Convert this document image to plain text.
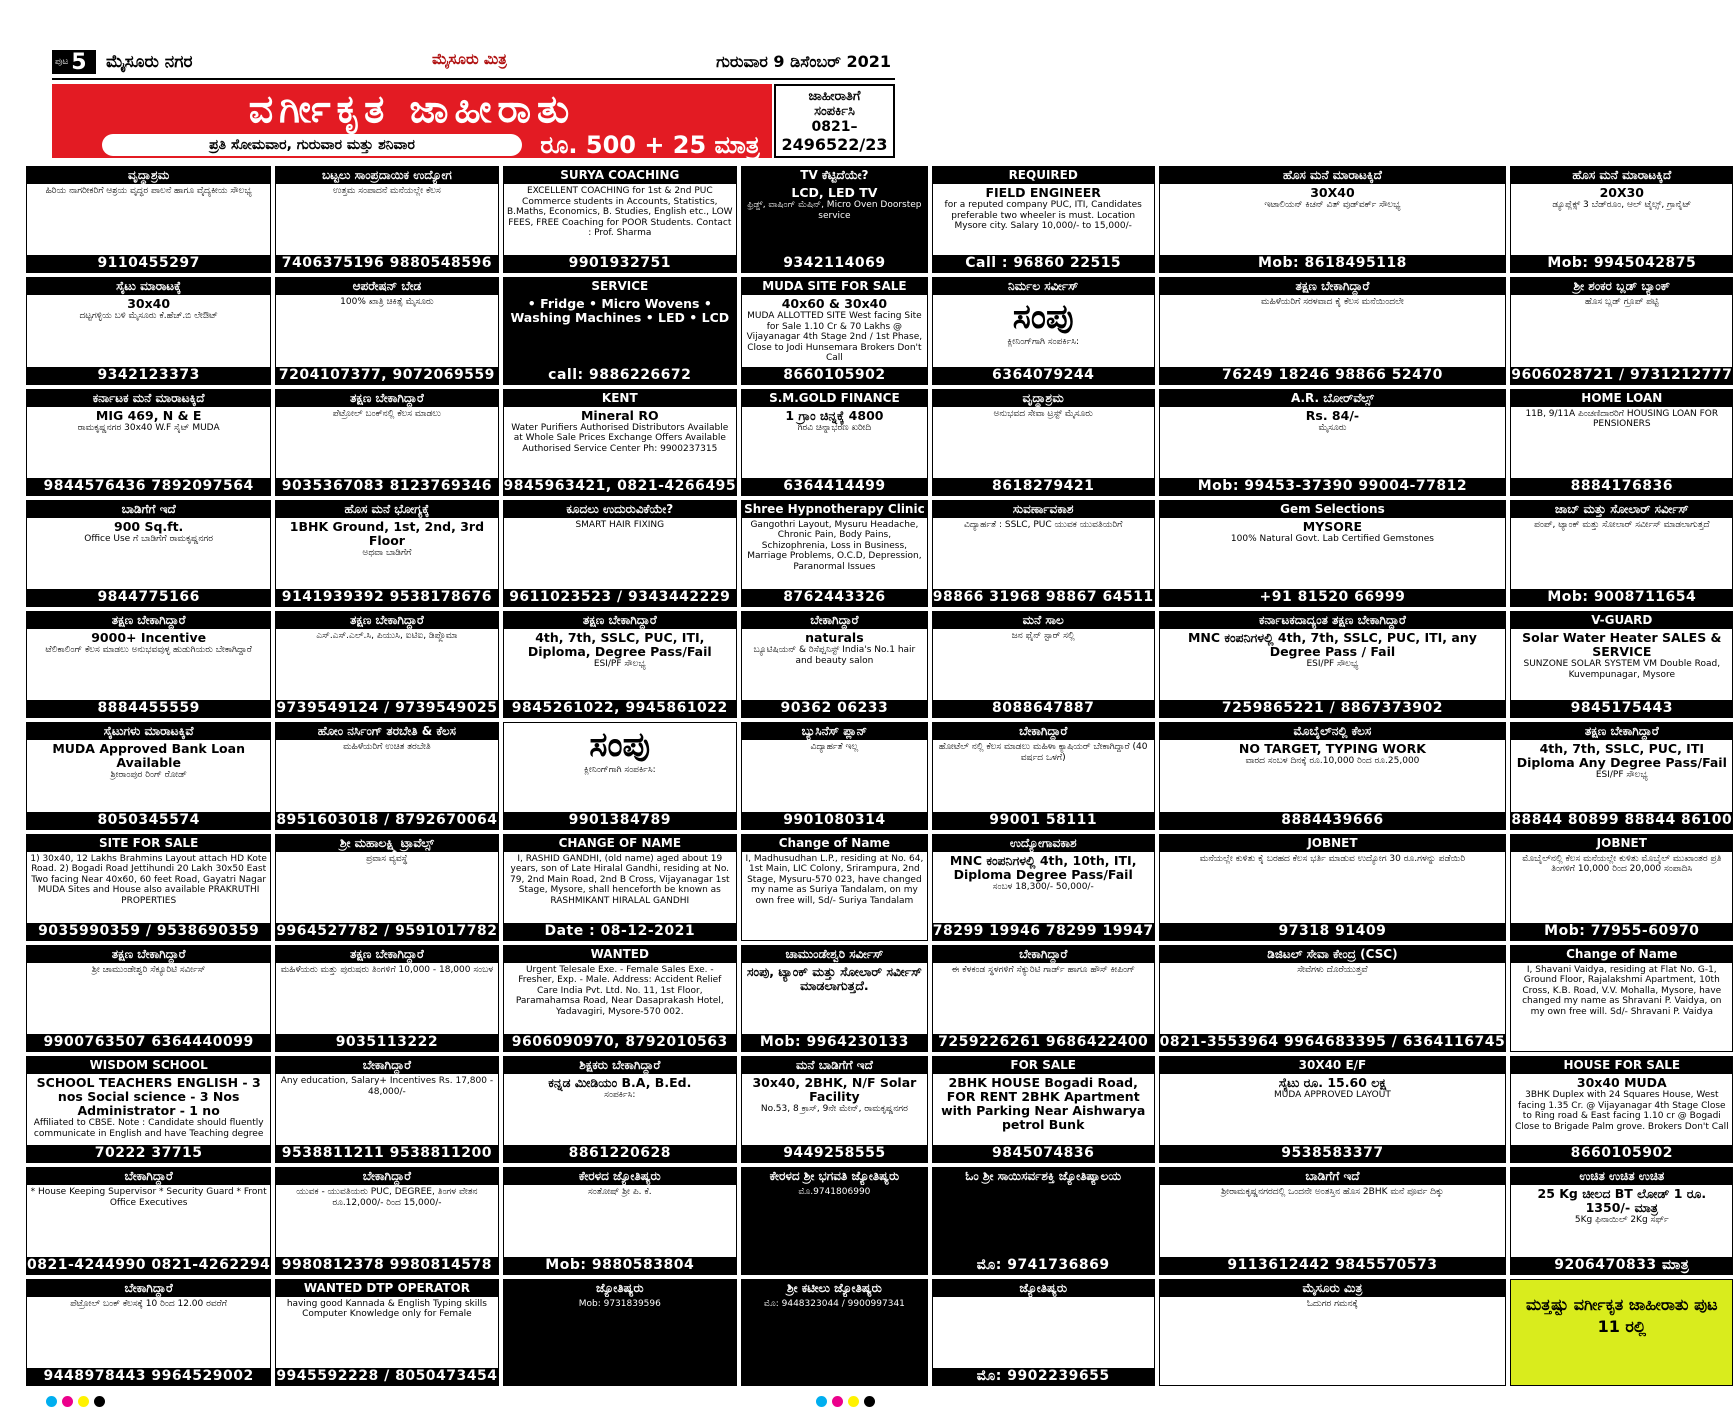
ಪುಟ 5 ಮೈಸೂರು ನಗರ	ಮೈಸೂರು ಮಿತ್ರ	ಗುರುವಾರ 9 ಡಿಸೆಂಬರ್ 2021
ವರ್ಗೀಕೃತ ಜಾಹೀರಾತು
ಪ್ರತಿ ಸೋಮವಾರ, ಗುರುವಾರ ಮತ್ತು ಶನಿವಾರ	ರೂ. 500 + 25 ಮಾತ್ರ
ಜಾಹೀರಾತಿಗೆ
ಸಂಪರ್ಕಿಸಿ
0821–
2496522/23
ವೃದ್ಧಾಶ್ರಮ
ಹಿರಿಯ ನಾಗರೀಕರಿಗೆ ಆಶ್ರಯ ವೃದ್ಧರ ಪಾಲನೆ ಹಾಗೂ ವೈದ್ಯಕೀಯ ಸೌಲಭ್ಯ
9110455297
ಬಟ್ಟಲು ಸಾಂಪ್ರದಾಯಿಕ ಉದ್ಯೋಗ
ಉತ್ತಮ ಸಂಪಾದನೆ ಮನೆಯಲ್ಲೇ ಕೆಲಸ
7406375196 9880548596
SURYA COACHING
EXCELLENT COACHING for 1st & 2nd PUC Commerce students in Accounts, Statistics, B.Maths, Economics, B. Studies, English etc., LOW FEES, FREE Coaching for POOR Students. Contact : Prof. Sharma
9901932751
TV ಕೆಟ್ಟಿದೆಯೇ?
LCD, LED TV
ಫ್ರಿಡ್ಜ್, ವಾಷಿಂಗ್ ಮೆಷಿನ್, Micro Oven Doorstep service
9342114069
REQUIRED
FIELD ENGINEER
for a reputed company PUC, ITI, Candidates preferable two wheeler is must. Location Mysore city. Salary 10,000/- to 15,000/-
Call : 96860 22515
ಹೊಸ ಮನೆ ಮಾರಾಟಕ್ಕಿದೆ
30X40
ಇಟಾಲಿಯನ್ ಕಿಚನ್ ವಿತ್ ವುಡ್‌ವರ್ಕ್ ಸೌಲಭ್ಯ
Mob: 8618495118
ಹೊಸ ಮನೆ ಮಾರಾಟಕ್ಕಿದೆ
20X30
ಡ್ಯೂಪ್ಲೆಕ್ಸ್ 3 ಬೆಡ್‌ರೂಂ, ಆಲ್ ಟೈಲ್ಸ್, ಗ್ರಾನೈಟ್
Mob: 9945042875
ಸೈಟು ಮಾರಾಟಕ್ಕೆ
30x40
ದಟ್ಟಗಳ್ಳಿಯ ಬಳಿ ಮೈಸೂರು ಕೆ.ಹೆಚ್.ಬಿ ಲೇಔಟ್
9342123373
ಆಪರೇಷನ್ ಬೇಡ
100% ಖಾತ್ರಿ ಚಿಕಿತ್ಸೆ ಮೈಸೂರು
7204107377, 9072069559
SERVICE
• Fridge • Micro Wovens • Washing Machines • LED • LCD
call: 9886226672
MUDA SITE FOR SALE
40x60 & 30x40
MUDA ALLOTTED SITE West facing Site for Sale 1.10 Cr & 70 Lakhs @ Vijayanagar 4th Stage 2nd / 1st Phase, Close to Jodi Hunsemara Brokers Don't Call
8660105902
ನಿರ್ಮಲ ಸರ್ವೀಸ್
ಸಂಪು
ಕ್ಲೀನಿಂಗ್‌ಗಾಗಿ ಸಂಪರ್ಕಿಸಿ:
6364079244
ತಕ್ಷಣ ಬೇಕಾಗಿದ್ದಾರೆ
ಮಹಿಳೆಯರಿಗೆ ಸರಳವಾದ ಕೈ ಕೆಲಸ ಮನೆಯಿಂದಲೇ
76249 18246 98866 52470
ಶ್ರೀ ಶಂಕರ ಬ್ಲಡ್ ಬ್ಯಾಂಕ್
ಹೊಸ ಬ್ಲಡ್ ಗ್ರೂಪ್ ಪಟ್ಟಿ
9606028721 / 9731212777
ಕರ್ನಾಟಕ ಮನೆ ಮಾರಾಟಕ್ಕಿದೆ
MIG 469, N & E
ರಾಮಕೃಷ್ಣನಗರ 30x40 W.F ಸೈಟ್ MUDA
9844576436 7892097564
ತಕ್ಷಣ ಬೇಕಾಗಿದ್ದಾರೆ
ಪೆಟ್ರೋಲ್ ಬಂಕ್‌ನಲ್ಲಿ ಕೆಲಸ ಮಾಡಲು
9035367083 8123769346
KENT
Mineral RO
Water Purifiers Authorised Distributors Available at Whole Sale Prices Exchange Offers Available Authorised Service Center Ph: 9900237315
9845963421, 0821-4266495
S.M.GOLD FINANCE
1 ಗ್ರಾಂ ಚಿನ್ನಕ್ಕೆ 4800
ಗಿರವಿ ಚಿನ್ನಾಭರಣ ಖರೀದಿ
6364414499
ವೃದ್ಧಾಶ್ರಮ
ಅನುಭವದ ಸೇವಾ ಟ್ರಸ್ಟ್ ಮೈಸೂರು
8618279421
A.R. ಬೋರ್‌ವೆಲ್ಸ್
Rs. 84/-
ಮೈಸೂರು
Mob: 99453-37390 99004-77812
HOME LOAN
11B, 9/11A ಪಿಂಚಣಿದಾರರಿಗೆ HOUSING LOAN FOR PENSIONERS
8884176836
ಬಾಡಿಗೆಗೆ ಇದೆ
900 Sq.ft.
Office Use ಗೆ ಬಾಡಿಗೆಗೆ ರಾಮಕೃಷ್ಣನಗರ
9844775166
ಹೊಸ ಮನೆ ಭೋಗ್ಯಕ್ಕೆ
1BHK Ground, 1st, 2nd, 3rd Floor
ಅಥವಾ ಬಾಡಿಗೆಗೆ
9141939392 9538178676
ಕೂದಲು ಉದುರುವಿಕೆಯೇ?
SMART HAIR FIXING
9611023523 / 9343442229
Shree Hypnotherapy Clinic
Gangothri Layout, Mysuru Headache, Chronic Pain, Body Pains, Schizophrenia, Loss in Business, Marriage Problems, O.C.D, Depression, Paranormal Issues
8762443326
ಸುವರ್ಣಾವಕಾಶ
ವಿದ್ಯಾರ್ಹತೆ : SSLC, PUC ಯುವಕ ಯುವತಿಯರಿಗೆ
98866 31968 98867 64511
Gem Selections
MYSORE
100% Natural Govt. Lab Certified Gemstones
+91 81520 66999
ಜಾಬ್ ಮತ್ತು ಸೋಲಾರ್ ಸರ್ವೀಸ್
ಪಂಪ್, ಟ್ಯಾಂಕ್ ಮತ್ತು ಸೋಲಾರ್ ಸರ್ವೀಸ್ ಮಾಡಲಾಗುತ್ತದೆ
Mob: 9008711654
ತಕ್ಷಣ ಬೇಕಾಗಿದ್ದಾರೆ
9000+ Incentive
ಟೆಲಿಕಾಲಿಂಗ್ ಕೆಲಸ ಮಾಡಲು ಅನುಭವವುಳ್ಳ ಹುಡುಗಿಯರು ಬೇಕಾಗಿದ್ದಾರೆ
8884455559
ತಕ್ಷಣ ಬೇಕಾಗಿದ್ದಾರೆ
ಎಸ್.ಎಸ್.ಎಲ್.ಸಿ, ಪಿಯುಸಿ, ಐಟಿಐ, ಡಿಪ್ಲೊಮಾ
9739549124 / 9739549025
ತಕ್ಷಣ ಬೇಕಾಗಿದ್ದಾರೆ
4th, 7th, SSLC, PUC, ITI, Diploma, Degree Pass/Fail
ESI/PF ಸೌಲಭ್ಯ
9845261022, 9945861022
ಬೇಕಾಗಿದ್ದಾರೆ
naturals
ಬ್ಯೂಟಿಷಿಯನ್ & ರಿಸೆಪ್ಷನಿಸ್ಟ್ India's No.1 hair and beauty salon
90362 06233
ಮನೆ ಸಾಲ
ಜನ ಫೈನ್ ಸ್ಟಾರ್ ಸಲ್ಲಿ
8088647887
ಕರ್ನಾಟಕದಾದ್ಯಂತ ತಕ್ಷಣ ಬೇಕಾಗಿದ್ದಾರೆ
MNC ಕಂಪನಿಗಳಲ್ಲಿ 4th, 7th, SSLC, PUC, ITI, any Degree Pass / Fail
ESI/PF ಸೌಲಭ್ಯ
7259865221 / 8867373902
V-GUARD
Solar Water Heater SALES & SERVICE
SUNZONE SOLAR SYSTEM VM Double Road, Kuvempunagar, Mysore
9845175443
ಸೈಟುಗಳು ಮಾರಾಟಕ್ಕಿವೆ
MUDA Approved Bank Loan Available
ಶ್ರೀರಾಂಪುರ ರಿಂಗ್ ರೋಡ್
8050345574
ಹೋಂ ನರ್ಸಿಂಗ್ ತರಬೇತಿ & ಕೆಲಸ
ಮಹಿಳೆಯರಿಗೆ ಉಚಿತ ತರಬೇತಿ
8951603018 / 8792670064
ಸಂಪು
ಕ್ಲೀನಿಂಗ್‌ಗಾಗಿ ಸಂಪರ್ಕಿಸಿ:
9901384789
ಬ್ಯುಸಿನೆಸ್ ಪ್ಲಾನ್
ವಿದ್ಯಾರ್ಹತೆ ಇಲ್ಲ
9901080314
ಬೇಕಾಗಿದ್ದಾರೆ
ಹೋಟೆಲ್ ನಲ್ಲಿ ಕೆಲಸ ಮಾಡಲು ಮಹಿಳಾ ಕ್ಯಾಷಿಯರ್ ಬೇಕಾಗಿದ್ದಾರೆ (40 ವರ್ಷದ ಒಳಗೆ)
99001 58111
ಮೊಬೈಲ್‌ನಲ್ಲಿ ಕೆಲಸ
NO TARGET, TYPING WORK
ವಾರದ ಸಂಬಳ ದಿನಕ್ಕೆ ರೂ.10,000 ರಿಂದ ರೂ.25,000
8884439666
ತಕ್ಷಣ ಬೇಕಾಗಿದ್ದಾರೆ
4th, 7th, SSLC, PUC, ITI Diploma Any Degree Pass/Fail
ESI/PF ಸೌಲಭ್ಯ
88844 80899 88844 86100
SITE FOR SALE
1) 30x40, 12 Lakhs Brahmins Layout attach HD Kote Road. 2) Bogadi Road Jettihundi 20 Lakh 30x50 East Two facing Near 40x60, 60 feet Road, Gayatri Nagar MUDA Sites and House also available PRAKRUTHI PROPERTIES
9035990359 / 9538690359
ಶ್ರೀ ಮಹಾಲಕ್ಷ್ಮಿ ಟ್ರಾವೆಲ್ಸ್
ಪ್ರವಾಸ ವ್ಯವಸ್ಥೆ
9964527782 / 9591017782
CHANGE OF NAME
I, RASHID GANDHI, (old name) aged about 19 years, son of Late Hiralal Gandhi, residing at No. 79, 2nd Main Road, 2nd B Cross, Vijayanagar 1st Stage, Mysore, shall henceforth be known as RASHMIKANT HIRALAL GANDHI
Date : 08-12-2021
Change of Name
I, Madhusudhan L.P., residing at No. 64, 1st Main, LIC Colony, Srirampura, 2nd Stage, Mysuru-570 023, have changed my name as Suriya Tandalam, on my own free will, Sd/- Suriya Tandalam
ಉದ್ಯೋಗಾವಕಾಶ
MNC ಕಂಪನಿಗಳಲ್ಲಿ 4th, 10th, ITI, Diploma Degree Pass/Fail
ಸಂಬಳ 18,300/- 50,000/-
78299 19946 78299 19947
JOBNET
ಮನೆಯಲ್ಲೇ ಕುಳಿತು ಕೈ ಬರಹದ ಕೆಲಸ ಭರ್ತಿ ಮಾಡುವ ಉದ್ಯೋಗ 30 ರೂ.ಗಳನ್ನು ಪಡೆಯಿರಿ
97318 91409
JOBNET
ಮೊಬೈಲ್‌ನಲ್ಲಿ ಕೆಲಸ ಮನೆಯಲ್ಲೇ ಕುಳಿತು ಮೊಬೈಲ್ ಮುಖಾಂತರ ಪ್ರತಿ ತಿಂಗಳಿಗೆ 10,000 ರಿಂದ 20,000 ಸಂಪಾದಿಸಿ
Mob: 77955-60970
ತಕ್ಷಣ ಬೇಕಾಗಿದ್ದಾರೆ
ಶ್ರೀ ಚಾಮುಂಡೇಶ್ವರಿ ಸೆಕ್ಯೂರಿಟಿ ಸರ್ವೀಸ್
9900763507 6364440099
ತಕ್ಷಣ ಬೇಕಾಗಿದ್ದಾರೆ
ಮಹಿಳೆಯರು ಮತ್ತು ಪುರುಷರು ತಿಂಗಳಿಗೆ 10,000 - 18,000 ಸಂಬಳ
9035113222
WANTED
Urgent Telesale Exe. - Female Sales Exe. - Fresher, Exp. - Male. Address: Accident Relief Care India Pvt. Ltd. No. 11, 1st Floor, Paramahamsa Road, Near Dasaprakash Hotel, Yadavagiri, Mysore-570 002.
9606090970, 8792010563
ಚಾಮುಂಡೇಶ್ವರಿ ಸರ್ವೀಸ್
ಸಂಪು, ಟ್ಯಾಂಕ್ ಮತ್ತು ಸೋಲಾರ್ ಸರ್ವೀಸ್ ಮಾಡಲಾಗುತ್ತದೆ.
Mob: 9964230133
ಬೇಕಾಗಿದ್ದಾರೆ
ಈ ಕೆಳಕಂಡ ಸ್ಥಳಗಳಿಗೆ ಸೆಕ್ಯುರಿಟಿ ಗಾರ್ಡ್ ಹಾಗೂ ಹೌಸ್ ಕೀಪಿಂಗ್
7259226261 9686422400
ಡಿಜಿಟಲ್ ಸೇವಾ ಕೇಂದ್ರ (CSC)
ಸೇವೆಗಳು ದೊರೆಯುತ್ತವೆ
0821-3553964 9964683395 / 6364116745
Change of Name
I, Shavani Vaidya, residing at Flat No. G-1, Ground Floor, Rajalakshmi Apartment, 10th Cross, K.B. Road, V.V. Mohalla, Mysore, have changed my name as Shravani P. Vaidya, on my own free will. Sd/- Shravani P. Vaidya
WISDOM SCHOOL
SCHOOL TEACHERS ENGLISH - 3 nos Social science - 3 Nos Administrator - 1 no
Affiliated to CBSE. Note : Candidate should fluently communicate in English and have Teaching degree
70222 37715
ಬೇಕಾಗಿದ್ದಾರೆ
Any education, Salary+ Incentives Rs. 17,800 - 48,000/-
9538811211 9538811200
ಶಿಕ್ಷಕರು ಬೇಕಾಗಿದ್ದಾರೆ
ಕನ್ನಡ ಮೀಡಿಯಂ B.A, B.Ed.
ಸಂಪರ್ಕಿಸಿ:
8861220628
ಮನೆ ಬಾಡಿಗೆಗೆ ಇದೆ
30x40, 2BHK, N/F Solar Facility
No.53, 8 ಕ್ರಾಸ್, 9ನೇ ಮೇನ್, ರಾಮಕೃಷ್ಣನಗರ
9449258555
FOR SALE
2BHK HOUSE Bogadi Road, FOR RENT 2BHK Apartment with Parking Near Aishwarya petrol Bunk
9845074836
30X40 E/F
ಸೈಟು ರೂ. 15.60 ಲಕ್ಷ
MUDA APPROVED LAYOUT
9538583377
HOUSE FOR SALE
30x40 MUDA
3BHK Duplex with 24 Squares House, West facing 1.35 Cr. @ Vijayanagar 4th Stage Close to Ring road & East facing 1.10 cr @ Bogadi Close to Brigade Palm grove. Brokers Don't Call
8660105902
ಬೇಕಾಗಿದ್ದಾರೆ
* House Keeping Supervisor * Security Guard * Front Office Executives
0821-4244990 0821-4262294
ಬೇಕಾಗಿದ್ದಾರೆ
ಯುವಕ - ಯುವತಿಯರು PUC, DEGREE, ತಿಂಗಳ ವೇತನ ರೂ.12,000/- ರಿಂದ 15,000/-
9980812378 9980814578
ಕೇರಳದ ಜ್ಯೋತಿಷ್ಯರು
ಸಂತೋಷ್ ಶ್ರೀ ಪಿ. ಕೆ.
Mob: 9880583804
ಕೇರಳದ ಶ್ರೀ ಭಗವತಿ ಜ್ಯೋತಿಷ್ಯರು
ಮೊ.9741806990
ಓಂ ಶ್ರೀ ಸಾಯಿಸರ್ವಶಕ್ತಿ ಜ್ಯೋತಿಷ್ಯಾಲಯ
ಮೊ: 9741736869
ಬಾಡಿಗೆಗೆ ಇದೆ
ಶ್ರೀರಾಮಕೃಷ್ಣನಗರದಲ್ಲಿ ಒಂದನೇ ಅಂತಸ್ತಿನ ಹೊಸ 2BHK ಮನೆ ಪೂರ್ವ ದಿಕ್ಕು
9113612442 9845570573
ಉಚಿತ ಉಚಿತ ಉಚಿತ
25 Kg ಚೀಲದ BT ಲೋಡ್ 1 ರೂ. 1350/- ಮಾತ್ರ
5Kg ಫಿನಾಯಿಲ್ 2Kg ಸರ್ಫ್
9206470833 ಮಾತ್ರ
ಬೇಕಾಗಿದ್ದಾರೆ
ಪೆಟ್ರೋಲ್ ಬಂಕ್ ಕೆಲಸಕ್ಕೆ 10 ರಿಂದ 12.00 ರವರೆಗೆ
9448978443 9964529002
WANTED DTP OPERATOR
having good Kannada & English Typing skills Computer Knowledge only for Female
9945592228 / 8050473454
ಜ್ಯೋತಿಷ್ಯರು
Mob: 9731839596
ಶ್ರೀ ಕಟೀಲು ಜ್ಯೋತಿಷ್ಯರು
ಮೊ: 9448323044 / 9900997341
ಜ್ಯೋತಿಷ್ಯರು
ಮೊ: 9902239655
ಮೈಸೂರು ಮಿತ್ರ
ಓದುಗರ ಗಮನಕ್ಕೆ	ಮತ್ತಷ್ಟು ವರ್ಗೀಕೃತ ಜಾಹೀರಾತು ಪುಟ 11 ರಲ್ಲಿ
